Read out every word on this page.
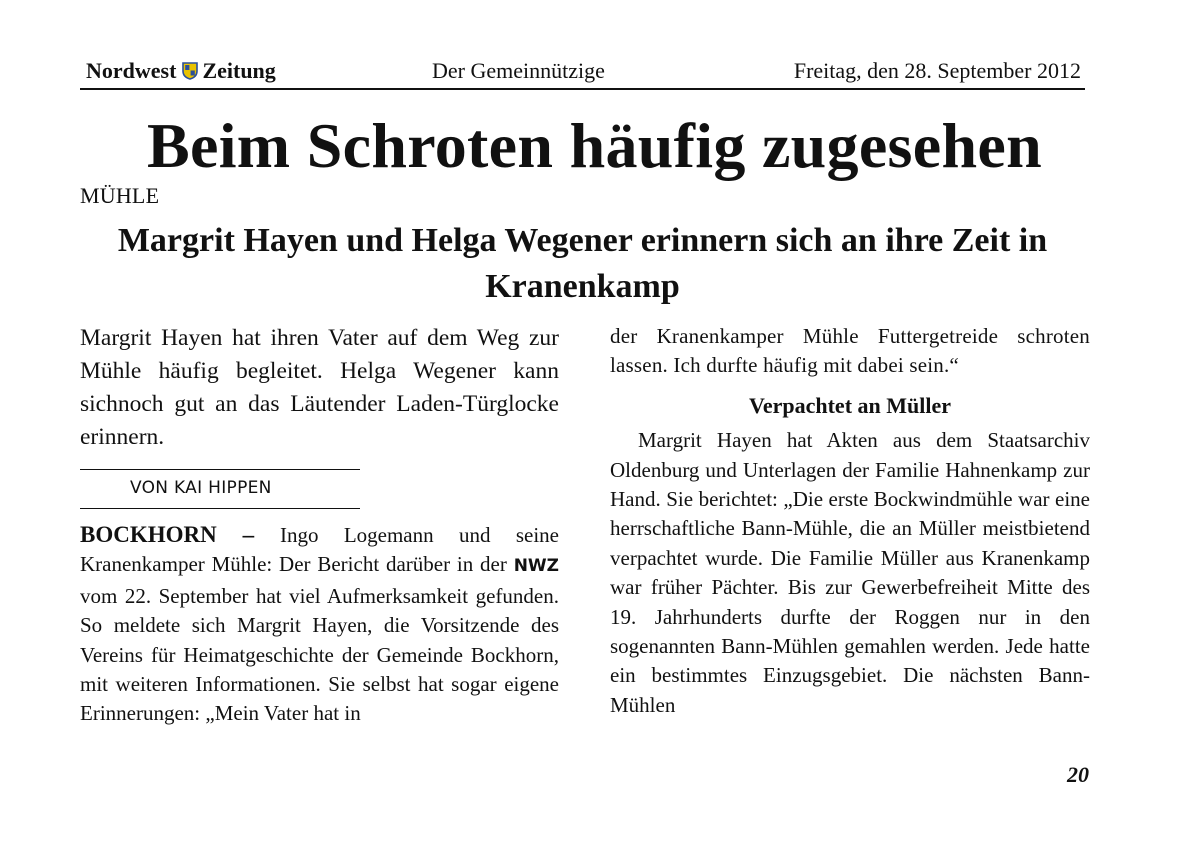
Nordwest Zeitung	Der Gemeinnützige	Freitag, den 28. September 2012
Beim Schroten häufig zugesehen
MÜHLE
Margrit Hayen und Helga Wegener erinnern sich an ihre Zeit in Kranenkamp
Margrit Hayen hat ihren Vater auf dem Weg zur Mühle häufig begleitet. Helga Wegener kann sichnoch gut an das Läutender Laden-Türglocke erinnern.
VON KAI HIPPEN
BOCKHORN – Ingo Logemann und seine Kranenkamper Mühle: Der Bericht darüber in der NWZ vom 22. September hat viel Aufmerksamkeit gefunden. So meldete sich Margrit Hayen, die Vorsitzende des Vereins für Heimatgeschichte der Gemeinde Bockhorn, mit weiteren Informationen. Sie selbst hat sogar eigene Erinnerungen: „Mein Vater hat in

der Kranenkamper Mühle Futtergetreide schroten lassen. Ich durfte häufig mit dabei sein.“

Verpachtet an Müller

Margrit Hayen hat Akten aus dem Staatsarchiv Oldenburg und Unterlagen der Familie Hahnenkamp zur Hand. Sie berichtet: „Die erste Bockwindmühle war eine herrschaftliche Bann-Mühle, die an Müller meistbietend verpachtet wurde. Die Familie Müller aus Kranenkamp war früher Pächter. Bis zur Gewerbefreiheit Mitte des 19. Jahrhunderts durfte der Roggen nur in den sogenannten Bann-Mühlen gemahlen werden. Jede hatte ein bestimmtes Einzugsgebiet. Die nächsten Bann-Mühlen

20
